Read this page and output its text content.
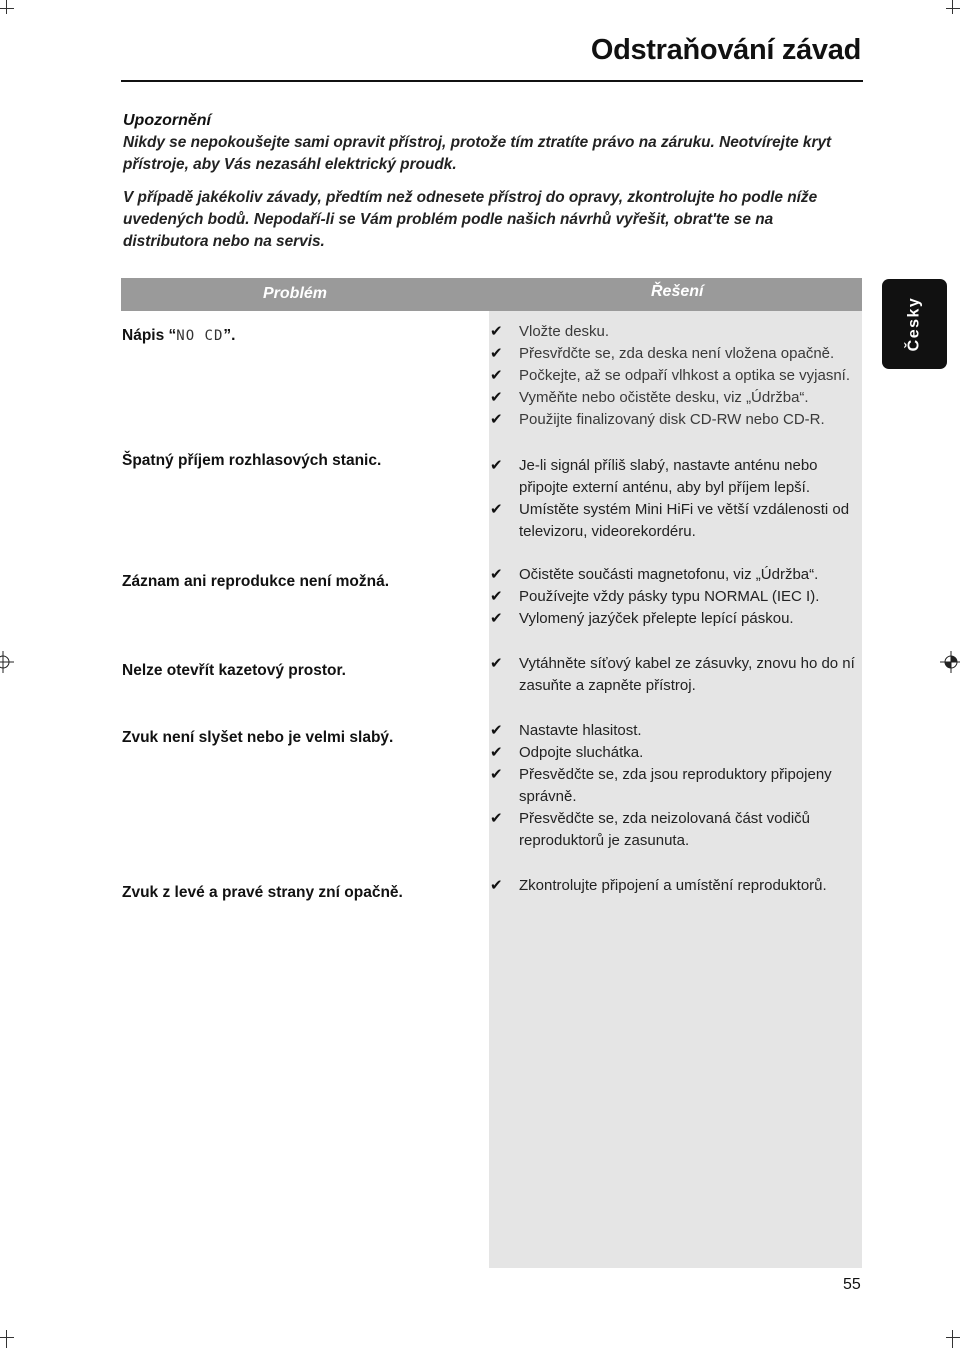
Odstraňování závad
Upozornění

Nikdy se nepokoušejte sami opravit přístroj, protože tím ztratíte právo na záruku. Neotvírejte kryt přístroje, aby Vás nezasáhl elektrický proudk.

V případě jakékoliv závady, předtím než odnesete přístroj do opravy, zkontrolujte ho podle níže uvedených bodů. Nepodaří-li se Vám problém podle našich návrhů vyřešit, obrat'te se na distributora nebo na servis.

Česky
Problém	Řešení
Nápis “NO CD”.	✔ Vložte desku.
✔ Přesvřdčte se, zda deska není vložena opačně.
✔ Počkejte, až se odpaří vlhkost a optika se vyjasní.
✔ Vyměňte nebo očistěte desku, viz „Údržba“.
✔ Použijte finalizovaný disk CD-RW nebo CD-R.
Špatný příjem rozhlasových stanic.	✔ Je-li signál příliš slabý, nastavte anténu nebo připojte externí anténu, aby byl příjem lepší.
✔ Umístěte systém Mini HiFi ve větší vzdálenosti od televizoru, videorekordéru.
Záznam ani reprodukce není možná.	✔ Očistěte součásti magnetofonu, viz „Údržba“.
✔ Používejte vždy pásky typu NORMAL (IEC I).
✔ Vylomený jazýček přelepte lepící páskou.
Nelze otevřít kazetový prostor.	✔ Vytáhněte síťový kabel ze zásuvky, znovu ho do ní zasuňte a zapněte přístroj.
Zvuk není slyšet nebo je velmi slabý.	✔ Nastavte hlasitost.
✔ Odpojte sluchátka.
✔ Přesvědčte se, zda jsou reproduktory připojeny správně.
✔ Přesvědčte se, zda neizolovaná část vodičů reproduktorů je zasunuta.
Zvuk z levé a pravé strany zní opačně.	✔ Zkontrolujte připojení a umístění reproduktorů.
55
